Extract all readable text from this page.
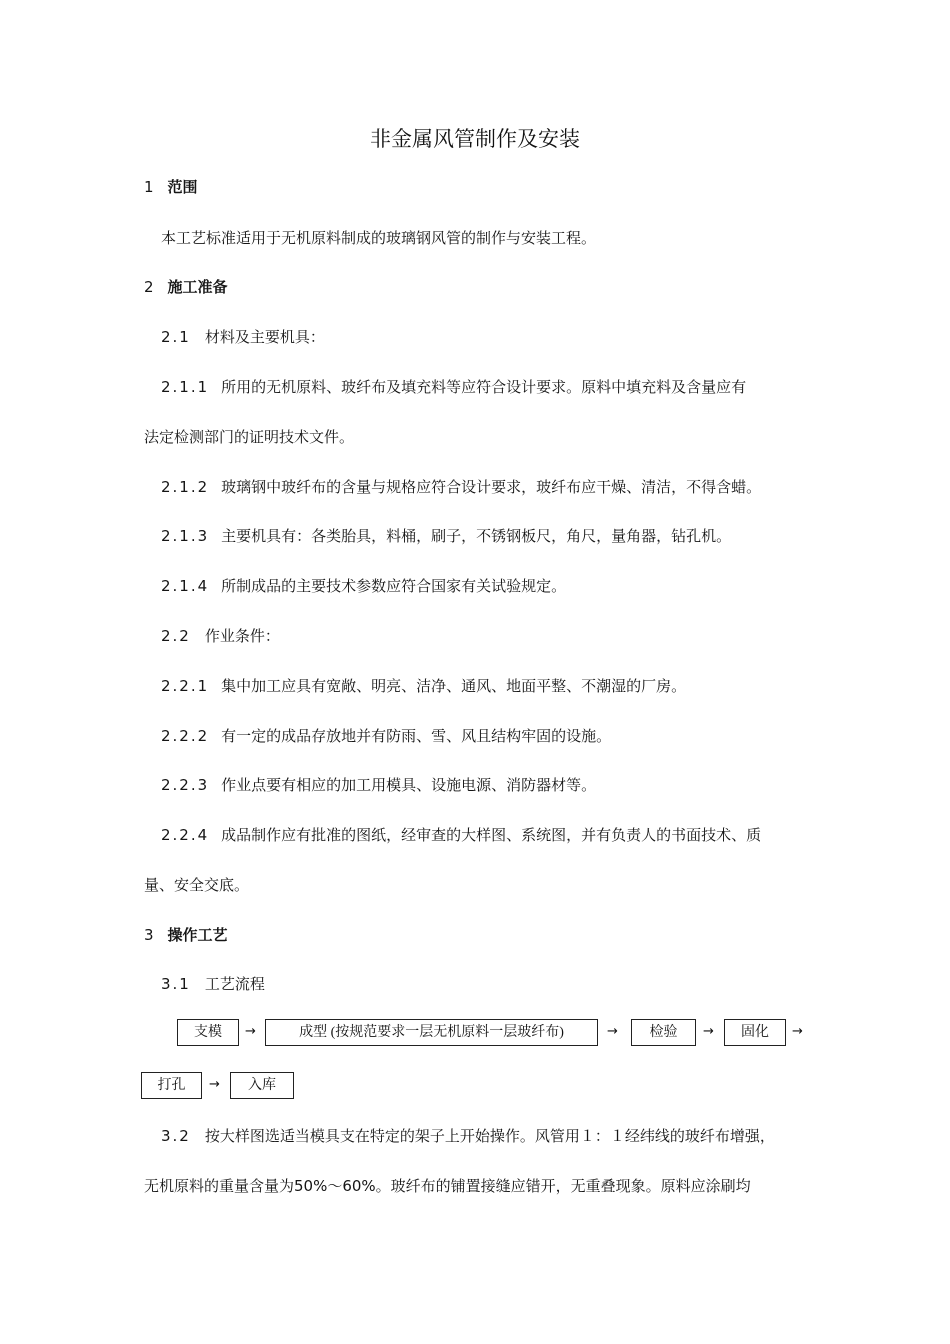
非金属风管制作及安装
1 范围
本工艺标准适用于无机原料制成的玻璃钢风管的制作与安装工程。
2 施工准备
2.1 材料及主要机具：
2.1.1 所用的无机原料、玻纤布及填充料等应符合设计要求。原料中填充料及含量应有
法定检测部门的证明技术文件。
2.1.2 玻璃钢中玻纤布的含量与规格应符合设计要求，玻纤布应干燥、清洁，不得含蜡。
2.1.3 主要机具有：各类胎具，料桶，刷子，不锈钢板尺，角尺，量角器，钻孔机。
2.1.4 所制成品的主要技术参数应符合国家有关试验规定。
2.2 作业条件：
2.2.1 集中加工应具有宽敞、明亮、洁净、通风、地面平整、不潮湿的厂房。
2.2.2 有一定的成品存放地并有防雨、雪、风且结构牢固的设施。
2.2.3 作业点要有相应的加工用模具、设施电源、消防器材等。
2.2.4 成品制作应有批准的图纸，经审查的大样图、系统图，并有负责人的书面技术、质
量、安全交底。
3 操作工艺
3.1 工艺流程
支模	→	成型 (按规范要求一层无机原料一层玻纤布)	→	检验	→	固化	→
打孔	→	入库
3.2 按大样图选适当模具支在特定的架子上开始操作。风管用１：１经纬线的玻纤布增强，
无机原料的重量含量为50%～60%。玻纤布的铺置接缝应错开，无重叠现象。原料应涂刷均
